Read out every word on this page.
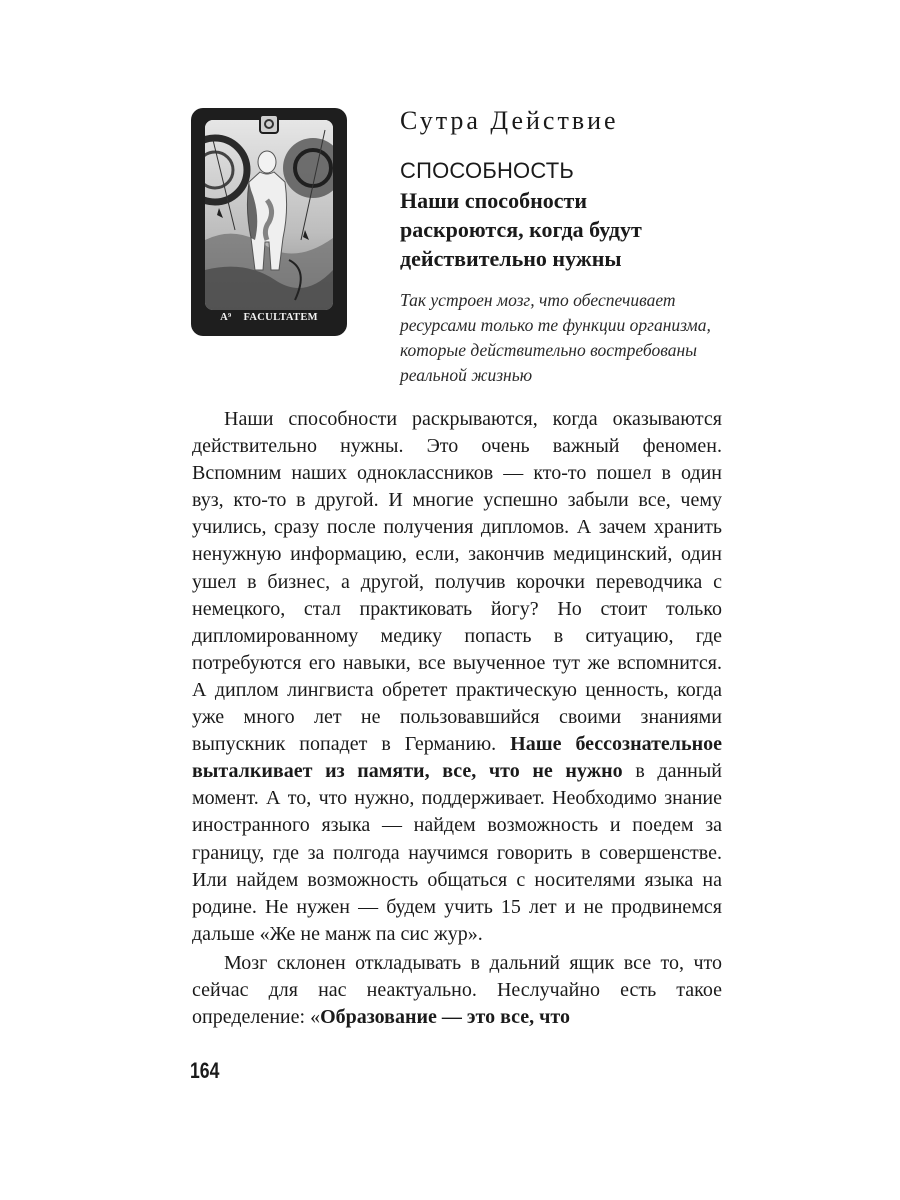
A⁹ FACULTATEM
Сутра Действие
СПОСОБНОСТЬ
Наши способности
раскроются, когда будут
действительно нужны

Так устроен мозг, что обеспечивает
ресурсами только те функции организма,
которые действительно востребованы
реальной жизнью

Наши способности раскрываются, когда оказываются действительно нужны. Это очень важный феномен. Вспомним наших одноклассников — кто-то пошел в один вуз, кто-то в другой. И многие успешно забыли все, чему учились, сразу после получения дипломов. А зачем хранить ненужную информацию, если, закончив медицинский, один ушел в бизнес, а другой, получив корочки переводчика с немецкого, стал практиковать йогу? Но стоит только дипломированному медику попасть в ситуацию, где потребуются его навыки, все выученное тут же вспомнится. А диплом лингвиста обретет практическую ценность, когда уже много лет не пользовавшийся своими знаниями выпускник попадет в Германию. Наше бессознательное выталкивает из памяти, все, что не нужно в данный момент. А то, что нужно, поддерживает. Необходимо знание иностранного языка — найдем возможность и поедем за границу, где за полгода научимся говорить в совершенстве. Или найдем возможность общаться с носителями языка на родине. Не нужен — будем учить 15 лет и не продвинемся дальше «Же не манж па сис жур».

Мозг склонен откладывать в дальний ящик все то, что сейчас для нас неактуально. Неслучайно есть такое определение: «Образование — это все, что

164
